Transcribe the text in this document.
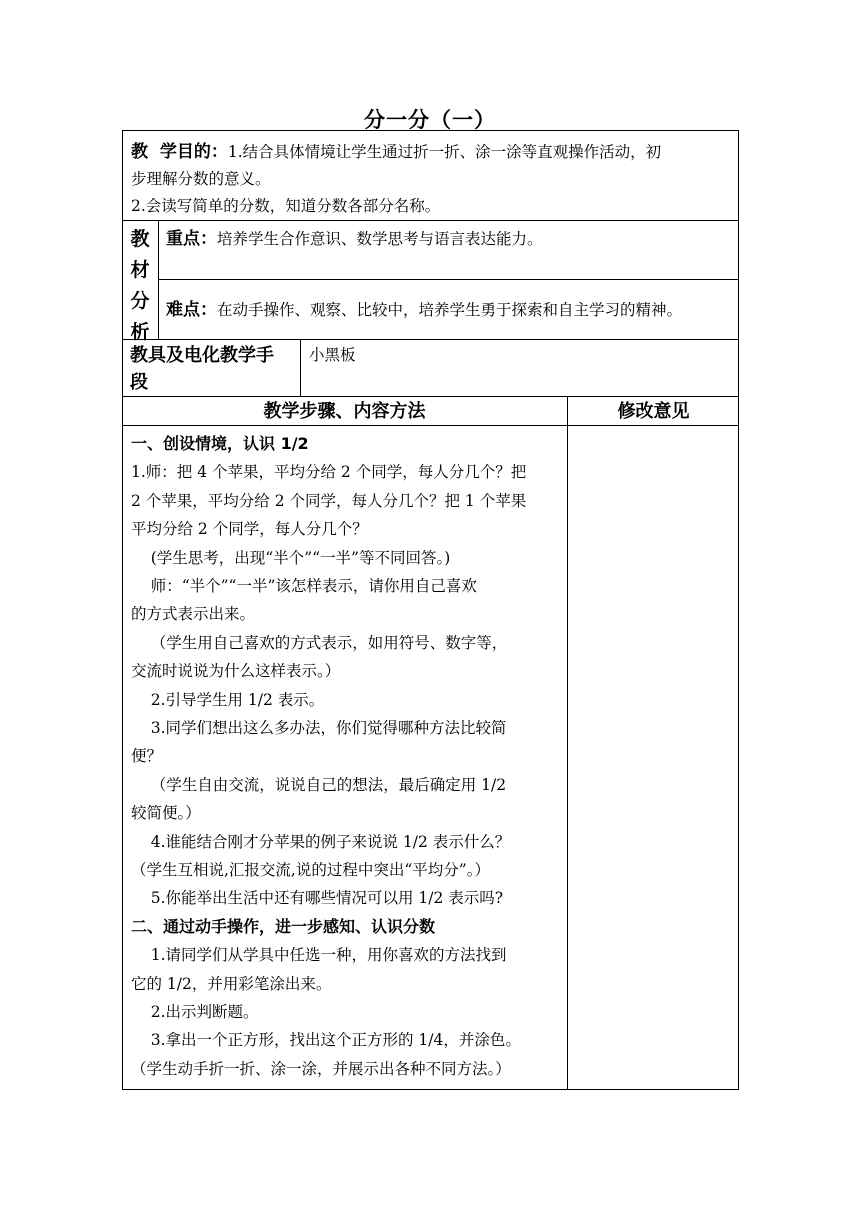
分一分（一）
教  学目的：1.结合具体情境让学生通过折一折、涂一涂等直观操作活动，初
步理解分数的意义。
2.会读写简单的分数，知道分数各部分名称。
教
材
分
析
重点：培养学生合作意识、数学思考与语言表达能力。
难点：在动手操作、观察、比较中，培养学生勇于探索和自主学习的精神。
教具及电化教学手
段
小黑板
教学步骤、内容方法	修改意见
一、创设情境，认识 1/2
1.师：把 4 个苹果，平均分给 2 个同学，每人分几个？把
2 个苹果，平均分给 2 个同学，每人分几个？把 1 个苹果
平均分给 2 个同学，每人分几个？
(学生思考，出现“半个”“一半”等不同回答。)
师：“半个”“一半”该怎样表示，请你用自己喜欢
的方式表示出来。
（学生用自己喜欢的方式表示，如用符号、数字等，
交流时说说为什么这样表示。）
2.引导学生用 1/2 表示。
3.同学们想出这么多办法，你们觉得哪种方法比较简
便？
（学生自由交流，说说自己的想法，最后确定用 1/2
较简便。）
4.谁能结合刚才分苹果的例子来说说 1/2 表示什么？
（学生互相说,汇报交流,说的过程中突出“平均分”。）
5.你能举出生活中还有哪些情况可以用 1/2 表示吗?
二、通过动手操作，进一步感知、认识分数
1.请同学们从学具中任选一种，用你喜欢的方法找到
它的 1/2，并用彩笔涂出来。
2.出示判断题。
3.拿出一个正方形，找出这个正方形的 1/4，并涂色。
（学生动手折一折、涂一涂，并展示出各种不同方法。）
